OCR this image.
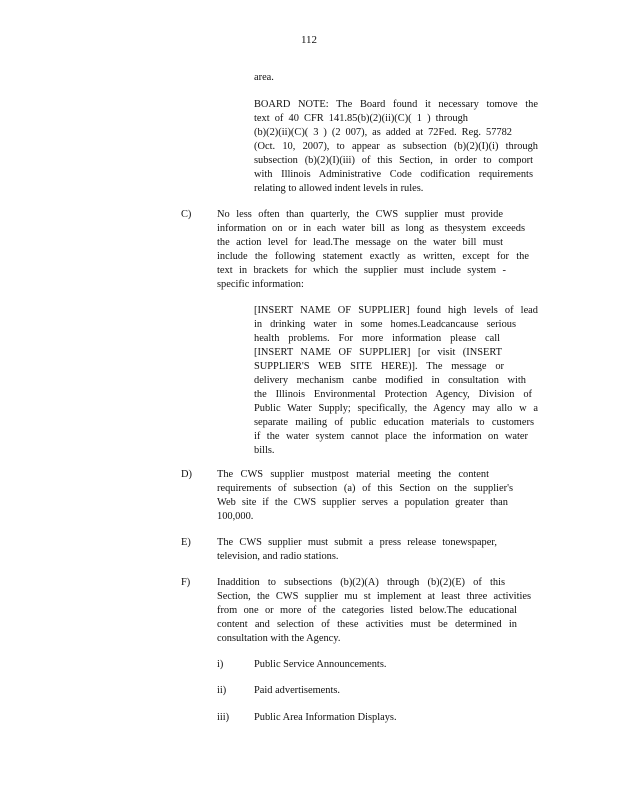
112
area.
BOARD NOTE: The Board found it necessary tomove the
text of 40 CFR 141.85(b)(2)(ii)(C)( 1 ) through
(b)(2)(ii)(C)( 3 ) (2 007), as added at 72Fed. Reg. 57782
(Oct. 10, 2007), to appear as subsection (b)(2)(I)(i) through
subsection (b)(2)(I)(iii) of this Section, in order to comport
with Illinois Administrative Code codification requirements
relating to allowed indent levels in rules.
C) No less often than quarterly, the CWS supplier must provide
information on or in each water bill as long as thesystem exceeds
the action level for lead.The message on the water bill must
include the following statement exactly as written, except for the
text in brackets for which the supplier must include system -
specific information:
[INSERT NAME OF SUPPLIER] found high levels of lead
in drinking water in some homes.Leadcancause serious
health problems. For more information please call
[INSERT NAME OF SUPPLIER] [or visit (INSERT
SUPPLIER'S WEB SITE HERE)]. The message or
delivery mechanism canbe modified in consultation with
the Illinois Environmental Protection Agency, Division of
Public Water Supply; specifically, the Agency may allo w a
separate mailing of public education materials to customers
if the water system cannot place the information on water
bills.
D) The CWS supplier mustpost material meeting the content
requirements of subsection (a) of this Section on the supplier's
Web site if the CWS supplier serves a population greater than
100,000.
E)	The CWS supplier must submit a press release tonewspaper,
television, and radio stations.
F)	Inaddition to subsections (b)(2)(A) through (b)(2)(E) of this
Section, the CWS supplier mu st implement at least three activities
from one or more of the categories listed below.The educational
content and selection of these activities must be determined in
consultation with the Agency.
i)	Public Service Announcements.
ii)	Paid advertisements.
iii) Public Area Information Displays.
